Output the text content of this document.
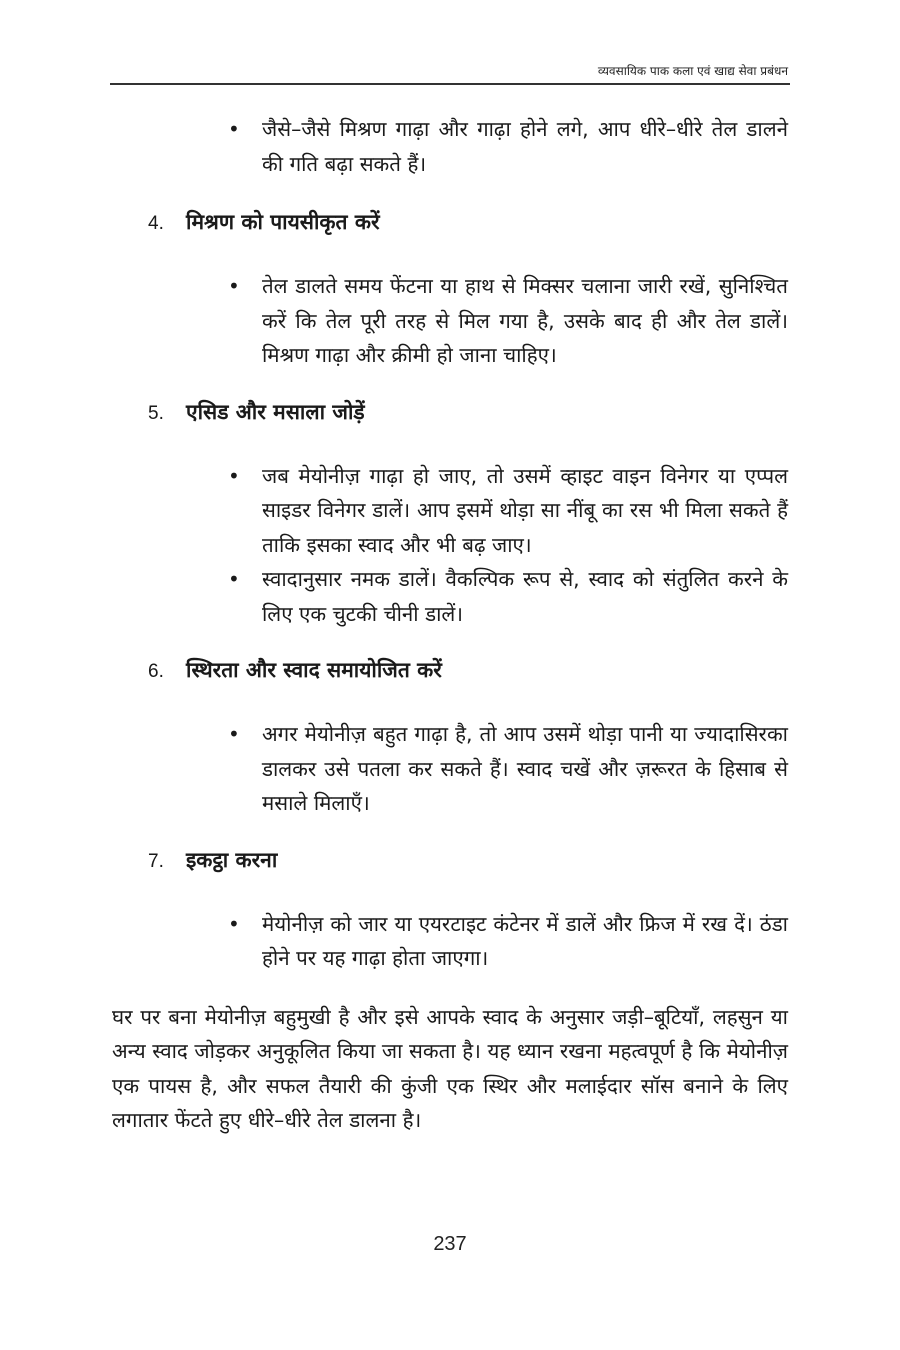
व्यवसायिक पाक कला एवं खाद्य सेवा प्रबंधन
• जैसे–जैसे मिश्रण गाढ़ा और गाढ़ा होने लगे, आप धीरे–धीरे तेल डालने की गति बढ़ा सकते हैं।
4.	मिश्रण को पायसीकृत करें
• तेल डालते समय फेंटना या हाथ से मिक्सर चलाना जारी रखें, सुनिश्चित करें कि तेल पूरी तरह से मिल गया है, उसके बाद ही और तेल डालें। मिश्रण गाढ़ा और क्रीमी हो जाना चाहिए।
5.	एसिड और मसाला जोड़ें
• जब मेयोनीज़ गाढ़ा हो जाए, तो उसमें व्हाइट वाइन विनेगर या एप्पल साइडर विनेगर डालें। आप इसमें थोड़ा सा नींबू का रस भी मिला सकते हैं ताकि इसका स्वाद और भी बढ़ जाए।
• स्वादानुसार नमक डालें। वैकल्पिक रूप से, स्वाद को संतुलित करने के लिए एक चुटकी चीनी डालें।
6.	स्थिरता और स्वाद समायोजित करें
• अगर मेयोनीज़ बहुत गाढ़ा है, तो आप उसमें थोड़ा पानी या ज्यादासिरका डालकर उसे पतला कर सकते हैं। स्वाद चखें और ज़रूरत के हिसाब से मसाले मिलाएँ।
7.	इकट्ठा करना
• मेयोनीज़ को जार या एयरटाइट कंटेनर में डालें और फ्रिज में रख दें। ठंडा होने पर यह गाढ़ा होता जाएगा।

घर पर बना मेयोनीज़ बहुमुखी है और इसे आपके स्वाद के अनुसार जड़ी–बूटियाँ, लहसुन या अन्य स्वाद जोड़कर अनुकूलित किया जा सकता है। यह ध्यान रखना महत्वपूर्ण है कि मेयोनीज़ एक पायस है, और सफल तैयारी की कुंजी एक स्थिर और मलाईदार सॉस बनाने के लिए लगातार फेंटते हुए धीरे–धीरे तेल डालना है।

237
